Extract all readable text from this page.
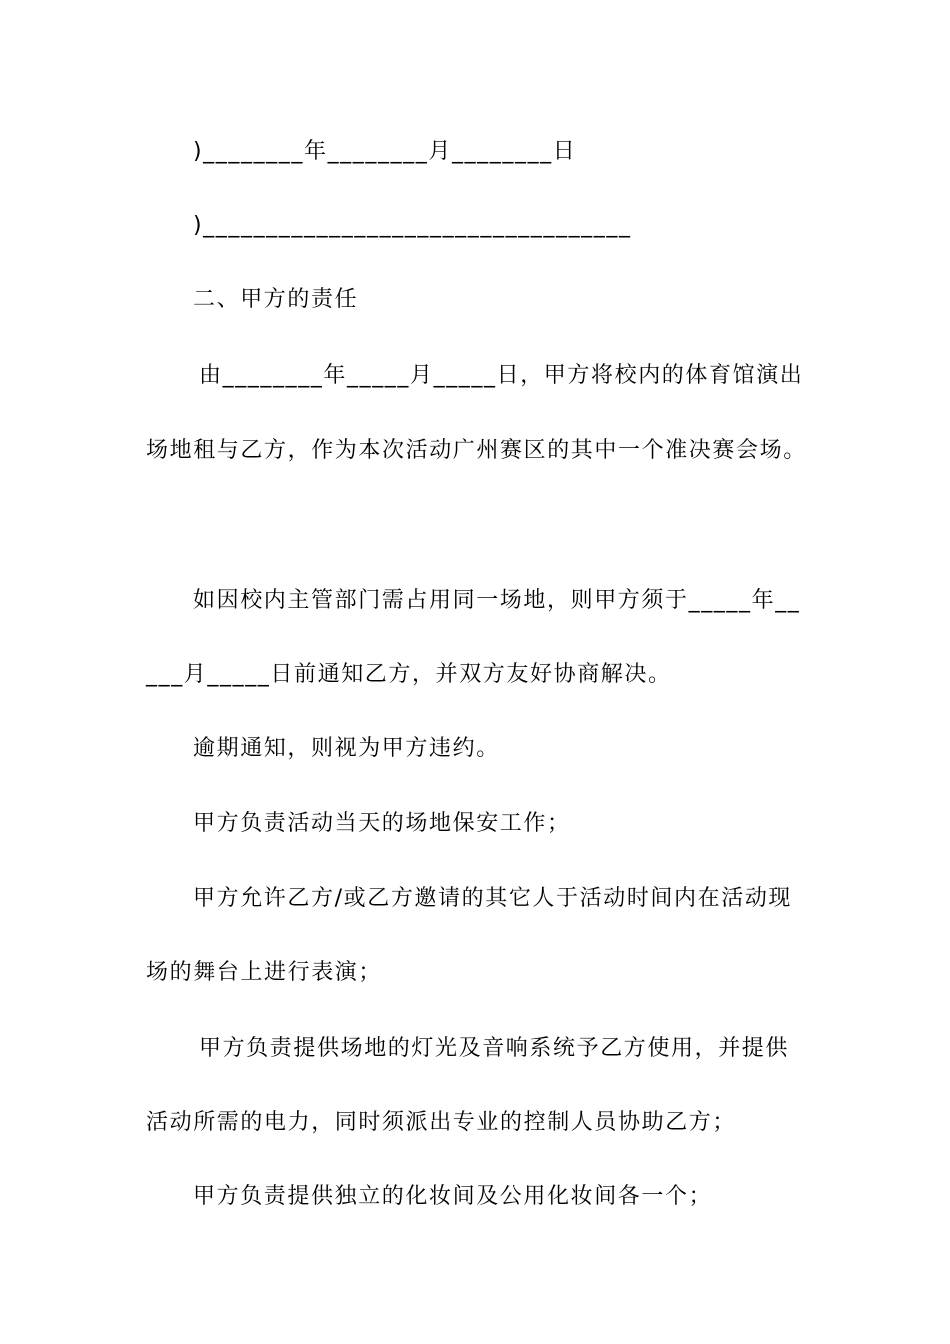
)________年________月________日
)__________________________________
二、甲方的责任
由________年_____月_____日，甲方将校内的体育馆演出
场地租与乙方，作为本次活动广州赛区的其中一个准决赛会场。
如因校内主管部门需占用同一场地，则甲方须于_____年__
___月_____日前通知乙方，并双方友好协商解决。
逾期通知，则视为甲方违约。
甲方负责活动当天的场地保安工作；
甲方允许乙方/或乙方邀请的其它人于活动时间内在活动现
场的舞台上进行表演；
甲方负责提供场地的灯光及音响系统予乙方使用，并提供
活动所需的电力，同时须派出专业的控制人员协助乙方；
甲方负责提供独立的化妆间及公用化妆间各一个；
